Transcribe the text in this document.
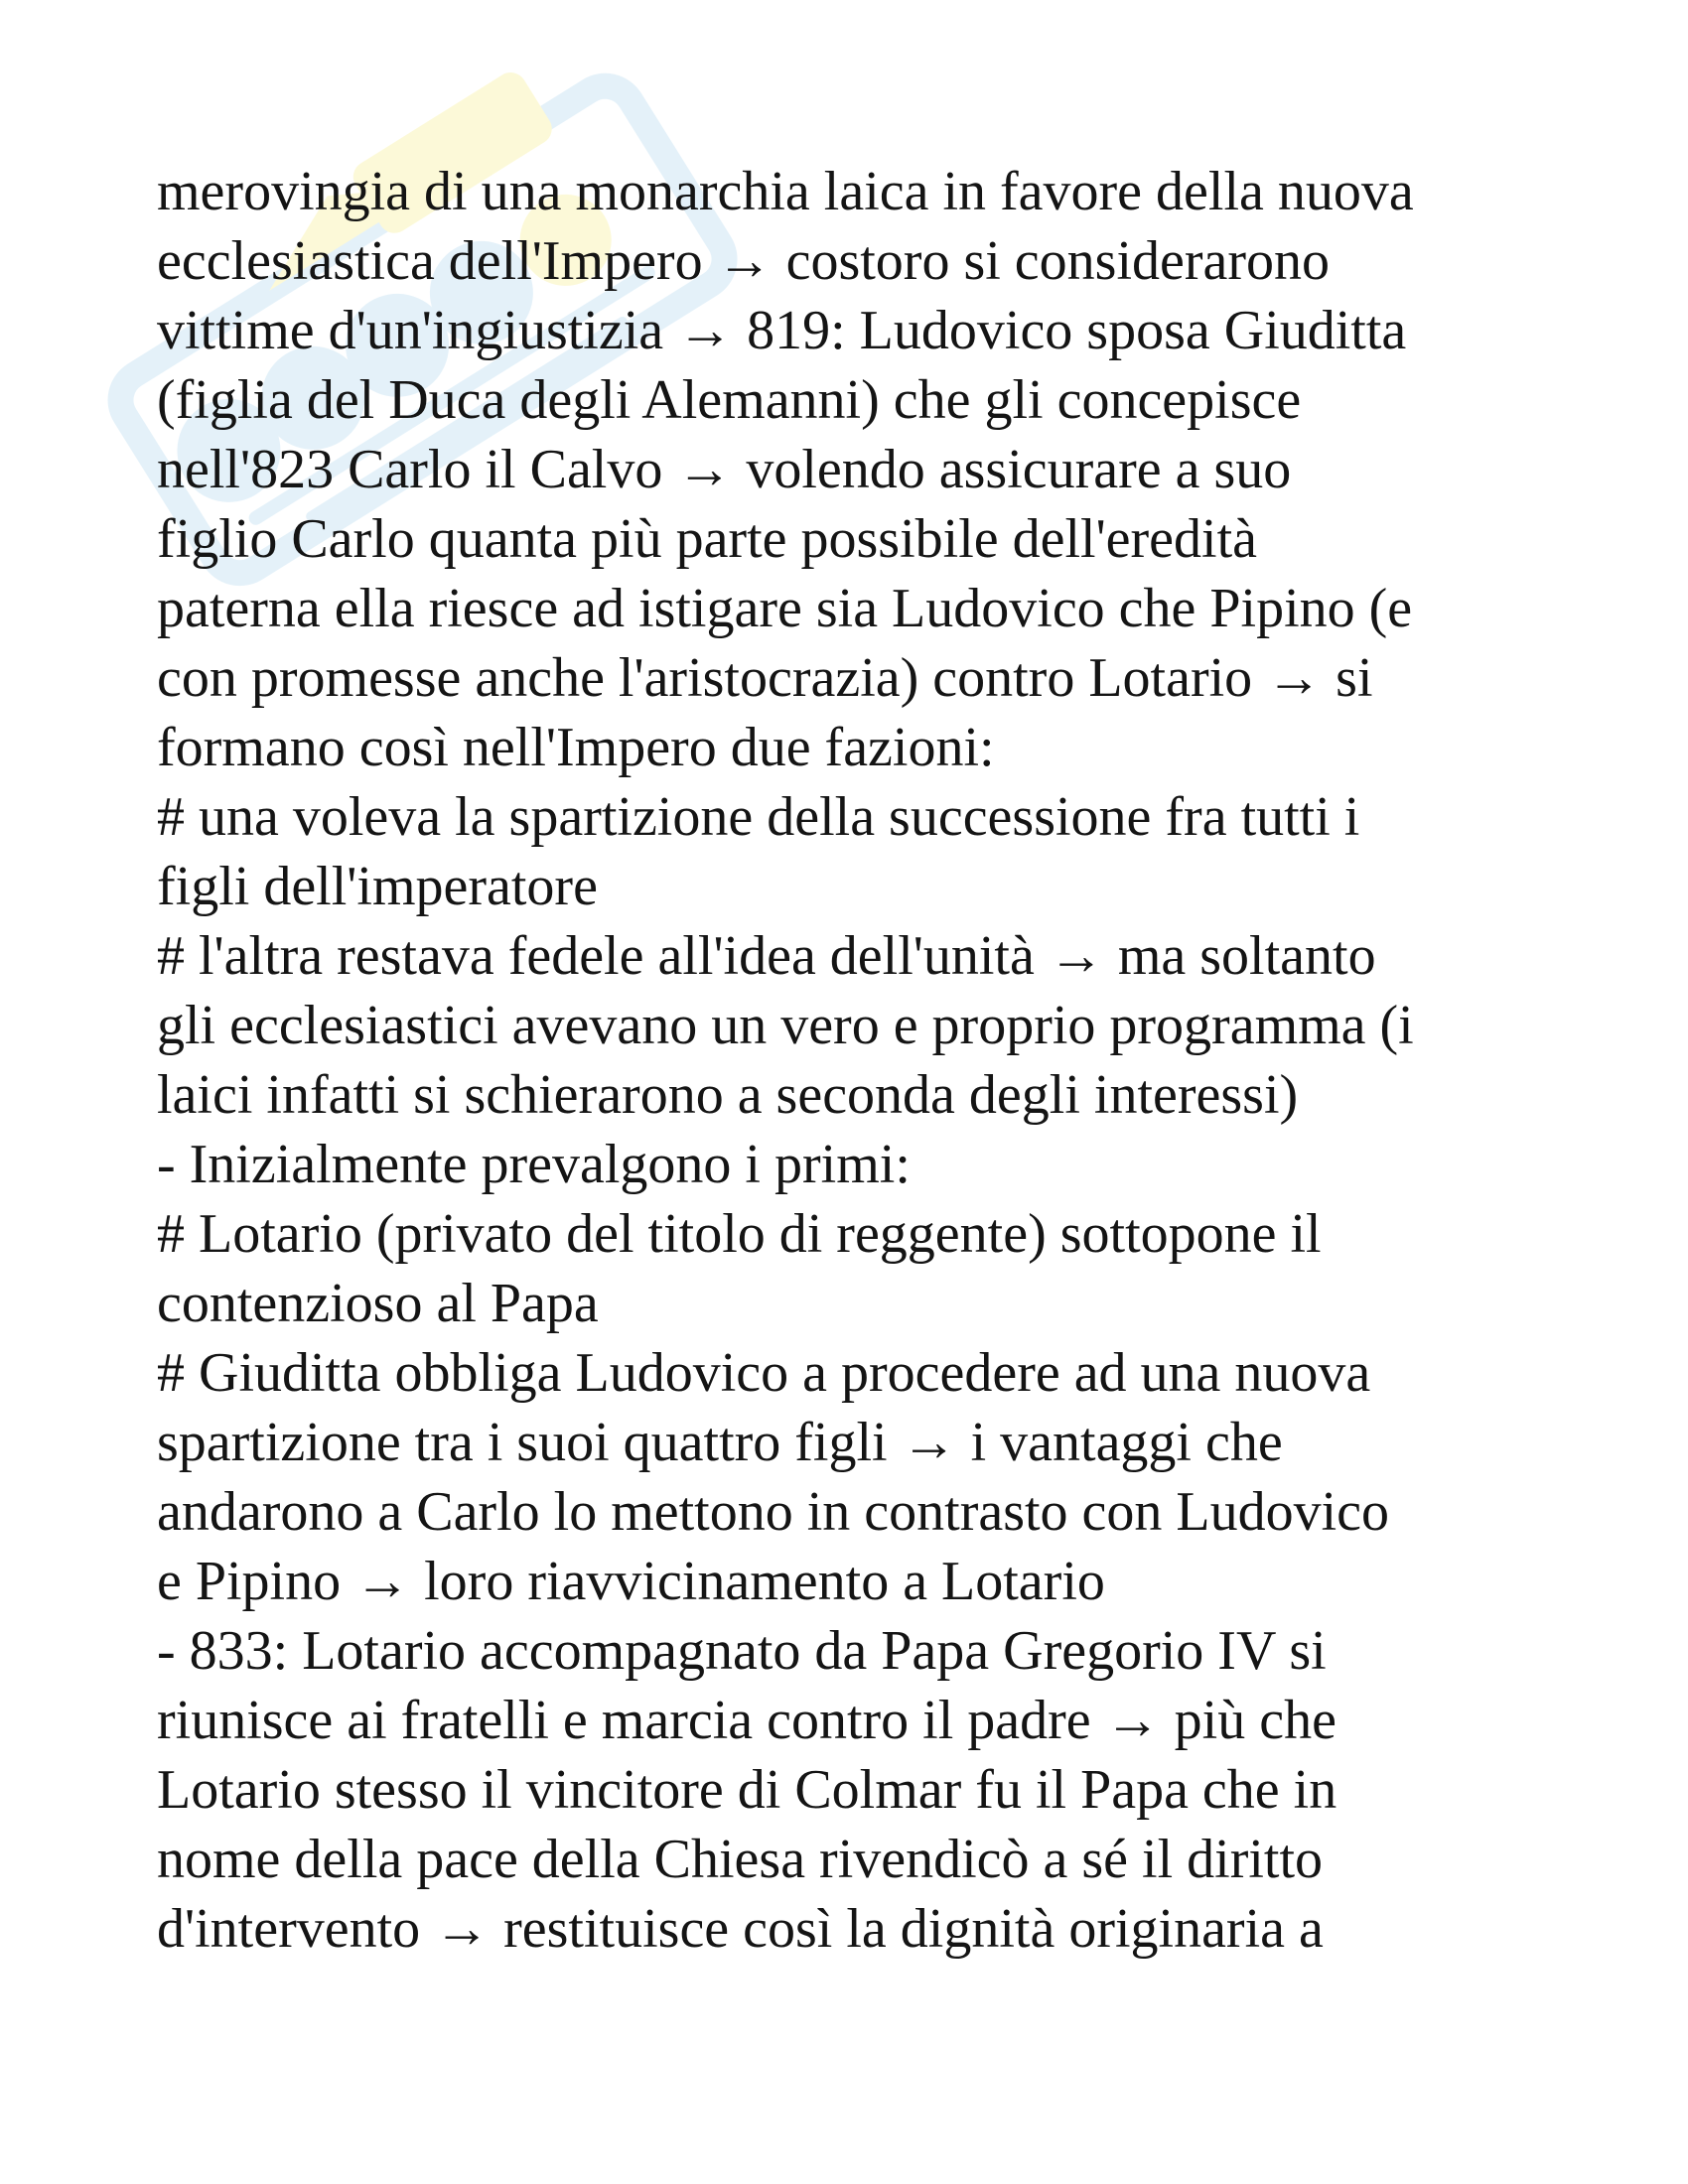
merovingia di una monarchia laica in favore della nuova
ecclesiastica dell'Impero → costoro si considerarono
vittime d'un'ingiustizia → 819: Ludovico sposa Giuditta
(figlia del Duca degli Alemanni) che gli concepisce
nell'823 Carlo il Calvo → volendo assicurare a suo
figlio Carlo quanta più parte possibile dell'eredità
paterna ella riesce ad istigare sia Ludovico che Pipino (e
con promesse anche l'aristocrazia) contro Lotario → si
formano così nell'Impero due fazioni:
# una voleva la spartizione della successione fra tutti i
figli dell'imperatore
# l'altra restava fedele all'idea dell'unità → ma soltanto
gli ecclesiastici avevano un vero e proprio programma (i
laici infatti si schierarono a seconda degli interessi)
- Inizialmente prevalgono i primi:
# Lotario (privato del titolo di reggente) sottopone il
contenzioso al Papa
# Giuditta obbliga Ludovico a procedere ad una nuova
spartizione tra i suoi quattro figli → i vantaggi che
andarono a Carlo lo mettono in contrasto con Ludovico
e Pipino → loro riavvicinamento a Lotario
- 833: Lotario accompagnato da Papa Gregorio IV si
riunisce ai fratelli e marcia contro il padre → più che
Lotario stesso il vincitore di Colmar fu il Papa che in
nome della pace della Chiesa rivendicò a sé il diritto
d'intervento → restituisce così la dignità originaria a
